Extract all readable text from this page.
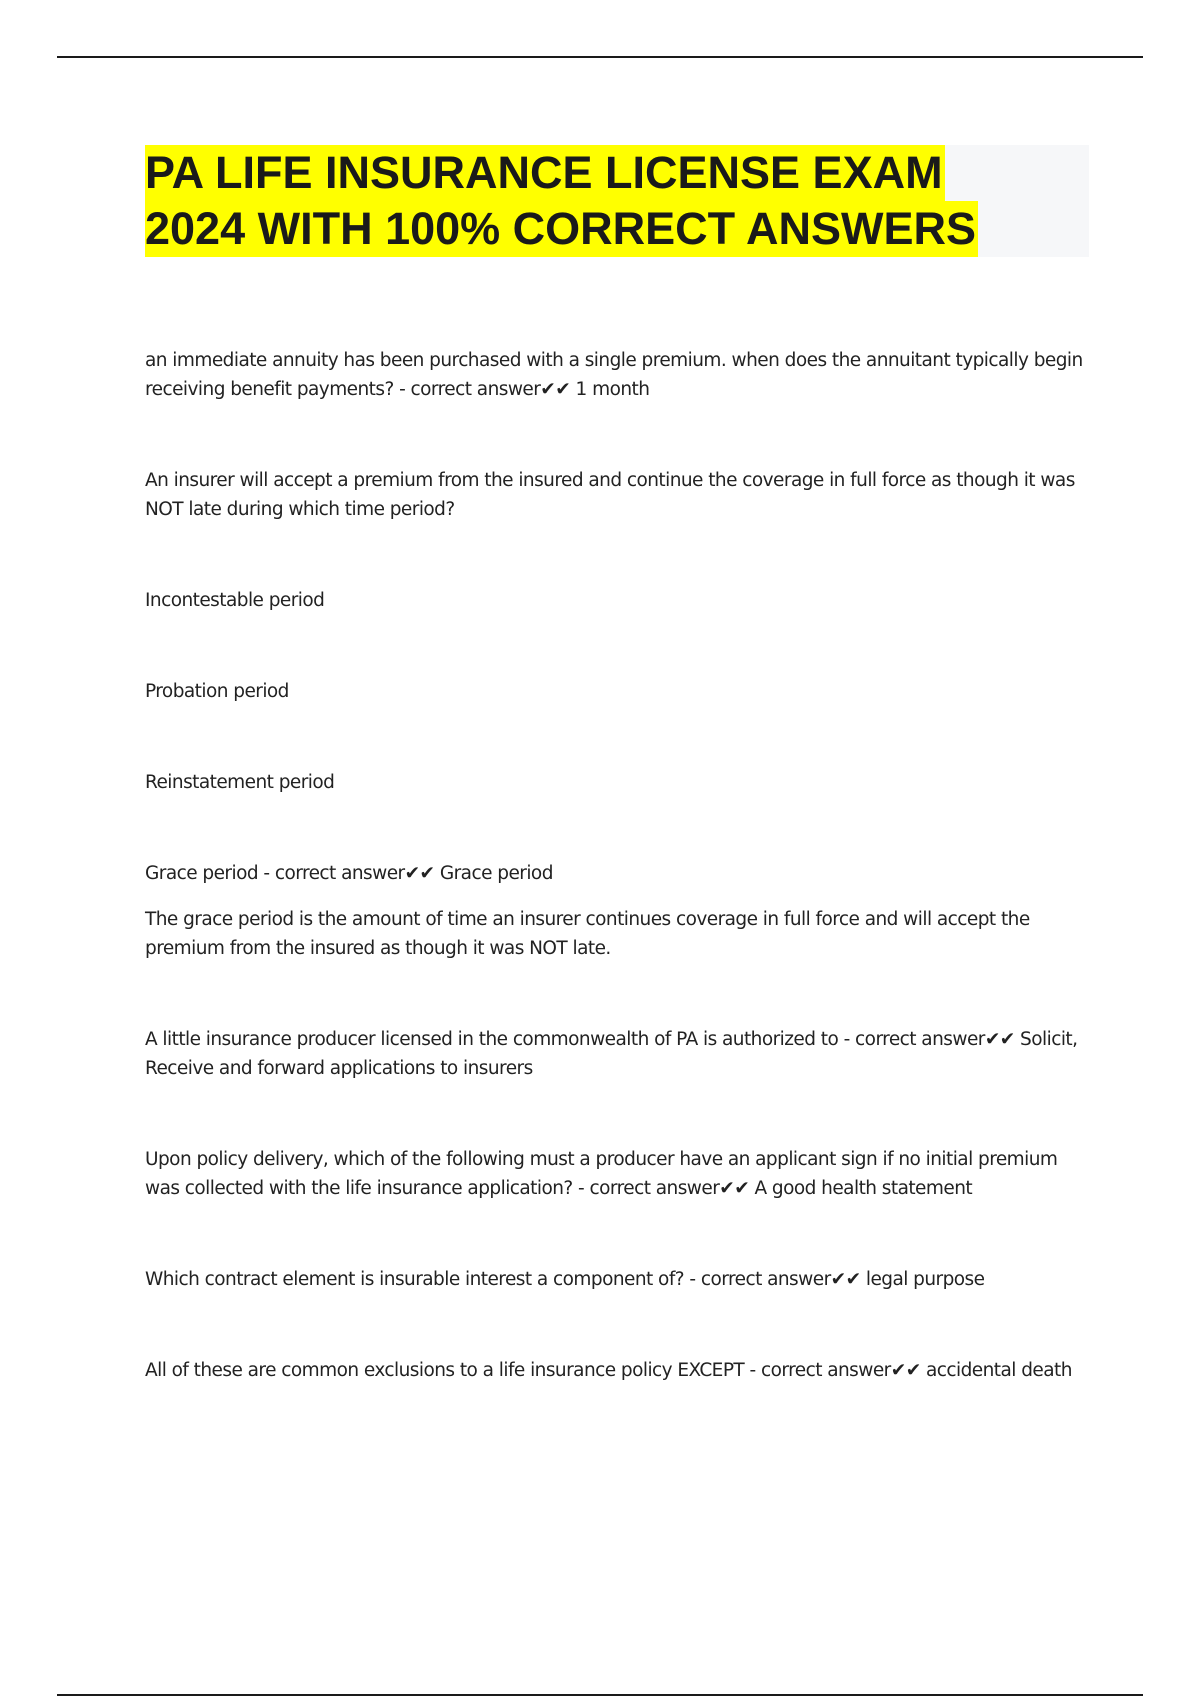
PA LIFE INSURANCE LICENSE EXAM
2024 WITH 100% CORRECT ANSWERS
an immediate annuity has been purchased with a single premium. when does the annuitant typically begin receiving benefit payments? - correct answer✔✔ 1 month
An insurer will accept a premium from the insured and continue the coverage in full force as though it was NOT late during which time period?
Incontestable period
Probation period
Reinstatement period
Grace period - correct answer✔✔ Grace period
The grace period is the amount of time an insurer continues coverage in full force and will accept the premium from the insured as though it was NOT late.
A little insurance producer licensed in the commonwealth of PA is authorized to - correct answer✔✔ Solicit, Receive and forward applications to insurers
Upon policy delivery, which of the following must a producer have an applicant sign if no initial premium was collected with the life insurance application? - correct answer✔✔ A good health statement
Which contract element is insurable interest a component of? - correct answer✔✔ legal purpose
All of these are common exclusions to a life insurance policy EXCEPT - correct answer✔✔ accidental death
